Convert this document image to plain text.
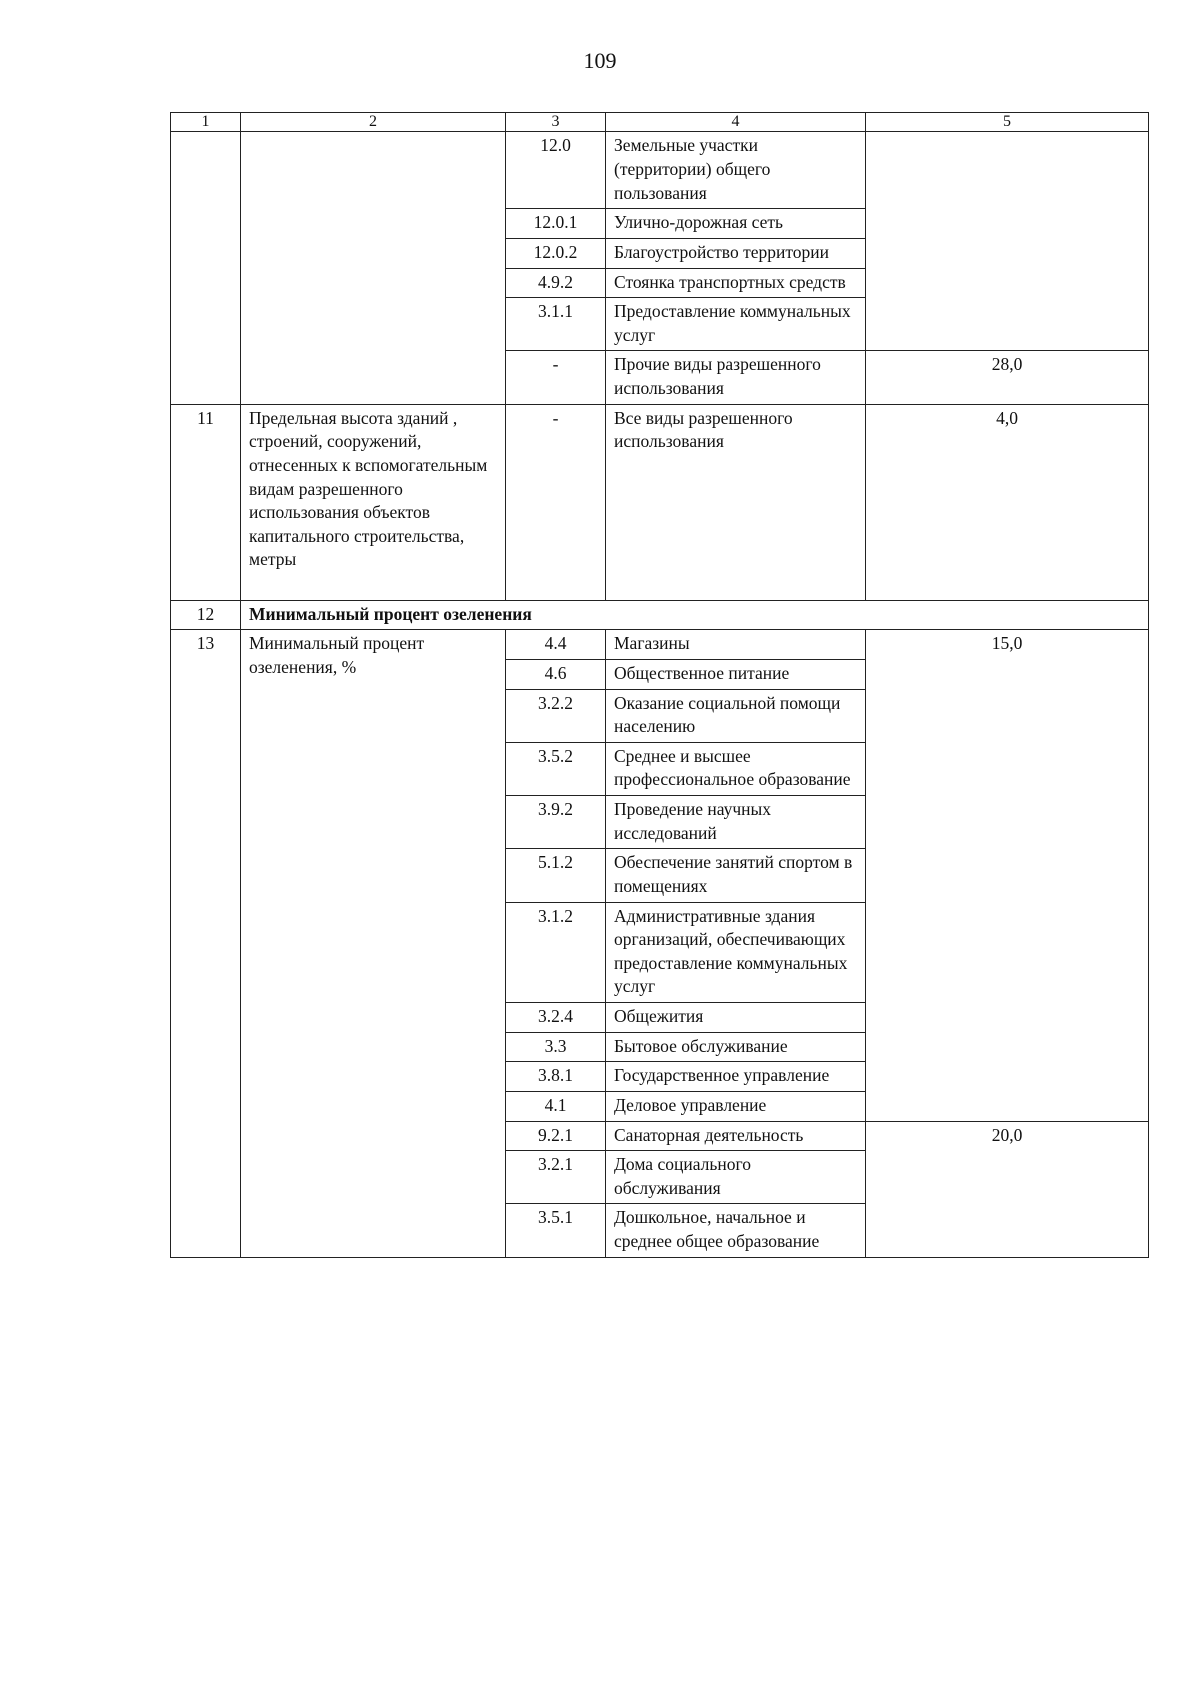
109
1	2	3	4	5
		12.0	Земельные участки (территории) общего пользования	
		12.0.1	Улично-дорожная сеть	
		12.0.2	Благоустройство территории	
		4.9.2	Стоянка транспортных средств	
		3.1.1	Предоставление коммунальных услуг	
		-	Прочие виды разрешенного использования	28,0
11	Предельная высота зданий , строений, сооружений, отнесенных к вспомогательным видам разрешенного использования объектов капитального строительства, метры	-	Все виды разрешенного использования	4,0
12	Минимальный процент озеленения			
13	Минимальный процент озеленения, %	4.4	Магазины	15,0
		4.6	Общественное питание	
		3.2.2	Оказание социальной помощи населению	
		3.5.2	Среднее и высшее профессиональное образование	
		3.9.2	Проведение научных исследований	
		5.1.2	Обеспечение занятий спортом в помещениях	
		3.1.2	Административные здания организаций, обеспечивающих предоставление коммунальных услуг	
		3.2.4	Общежития	
		3.3	Бытовое обслуживание	
		3.8.1	Государственное управление	
		4.1	Деловое управление	
		9.2.1	Санаторная деятельность	20,0
		3.2.1	Дома социального обслуживания	
		3.5.1	Дошкольное, начальное и среднее общее образование	
